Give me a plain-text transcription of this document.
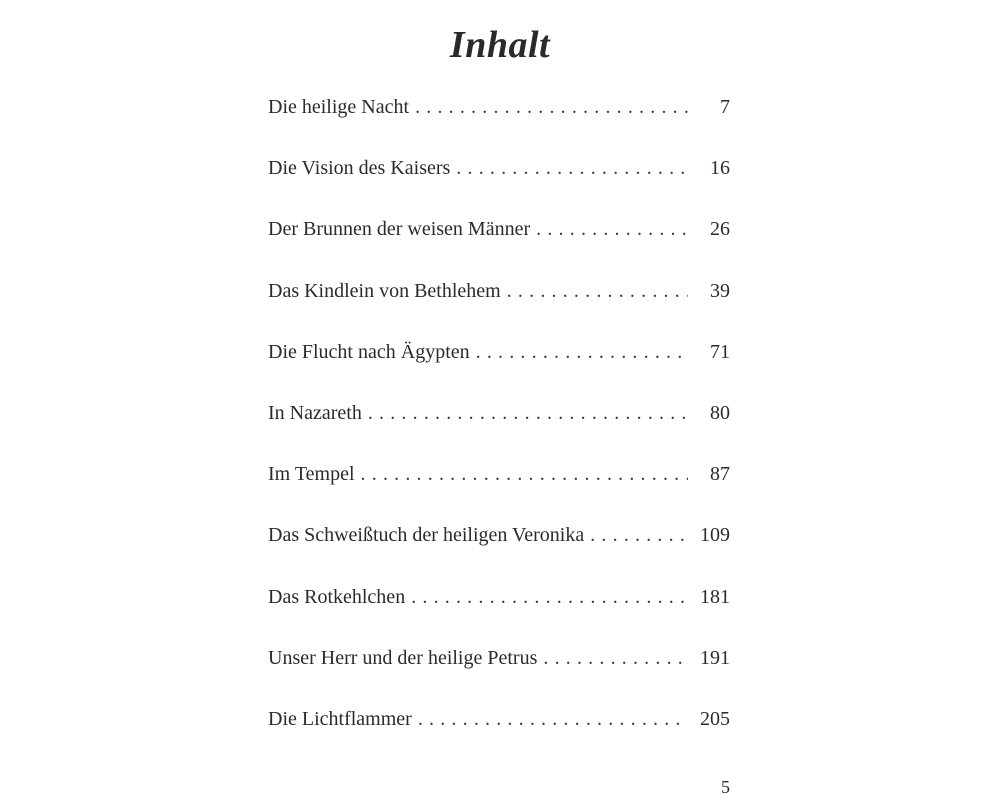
Inhalt
Die heilige Nacht . . .	7
Die Vision des Kaisers . . .	16
Der Brunnen der weisen Männer . . .	26
Das Kindlein von Bethlehem . . .	39
Die Flucht nach Ägypten . . .	71
In Nazareth . . .	80
Im Tempel . . .	87
Das Schweißtuch der heiligen Veronika . . .	109
Das Rotkehlchen . . .	181
Unser Herr und der heilige Petrus . . .	191
Die Lichtflammer . . .	205
5
